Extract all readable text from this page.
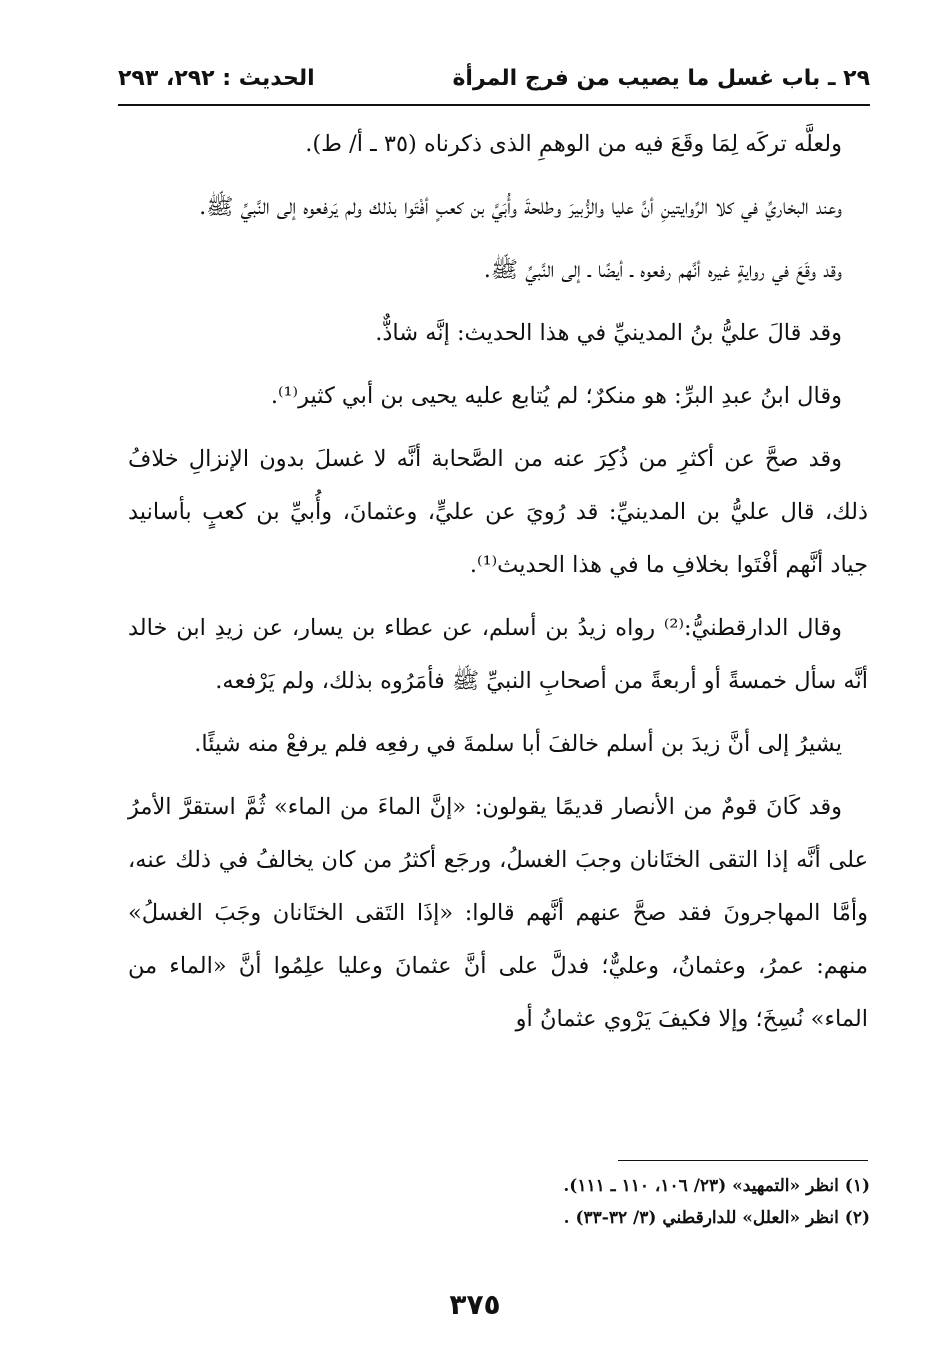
٢٩ ـ باب غسل ما يصيب من فرج المرأة
الحديث : ٢٩٢، ٢٩٣

ولعلَّه تركَه لِمَا وقَعَ فيه من الوهمِ الذى ذكرناه (٣٥ ـ أ/ ط).

وعند البخاريِّ في كلا الرِّوايتينِ أنَّ عليا والزُّبيرَ وطلحةَ وأُبَيَّ بن كعبٍ أفْتَوا بذلك ولم يَرفعوه إلى النَّبيِّ ﷺ.

وقد وقَعَ في روايةٍ غيره أنَّهم رفعوه ـ أيضًا ـ إلى النَّبيِّ ﷺ.

وقد قالَ عليُّ بنُ المدينيِّ في هذا الحديث: إنَّه شاذٌّ.

وقال ابنُ عبدِ البرِّ: هو منكرٌ؛ لم يُتابع عليه يحيى بن أبي كثير⁽¹⁾.

وقد صحَّ عن أكثرِ من ذُكِرَ عنه من الصَّحابة أنَّه لا غسلَ بدون الإنزالِ خلافُ ذلك، قال عليُّ بن المدينيِّ: قد رُويَ عن عليٍّ، وعثمانَ، وأُبيِّ بن كعبٍ بأسانيد جياد أنَّهم أفْتَوا بخلافِ ما في هذا الحديث⁽¹⁾.

وقال الدارقطنيُّ:⁽²⁾ رواه زيدُ بن أسلم، عن عطاء بن يسار، عن زيدِ ابن خالد أنَّه سأل خمسةً أو أربعةً من أصحابِ النبيِّ ﷺ فأمَرُوه بذلك، ولم يَرْفعه.

يشيرُ إلى أنَّ زيدَ بن أسلم خالفَ أبا سلمةَ في رفعِه فلم يرفعْ منه شيئًا.

وقد كَانَ قومٌ من الأنصار قديمًا يقولون: «إنَّ الماءَ من الماء» ثُمَّ استقرَّ الأمرُ على أنَّه إذا التقى الختَانان وجبَ الغسلُ، ورجَع أكثرُ من كان يخالفُ في ذلك عنه، وأمَّا المهاجرونَ فقد صحَّ عنهم أنَّهم قالوا: «إذَا التَقى الختَانان وجَبَ الغسلُ» منهم: عمرُ، وعثمانُ، وعليٌّ؛ فدلَّ على أنَّ عثمانَ وعليا علِمُوا أنَّ «الماء من الماء» نُسِخَ؛ وإلا فكيفَ يَرْوي عثمانُ أو

(١) انظر «التمهيد» (٢٣/ ١٠٦، ١١٠ ـ ١١١).
(٢) انظر «العلل» للدارقطني (٣/ ٣٢-٣٣) .
٣٧٥
